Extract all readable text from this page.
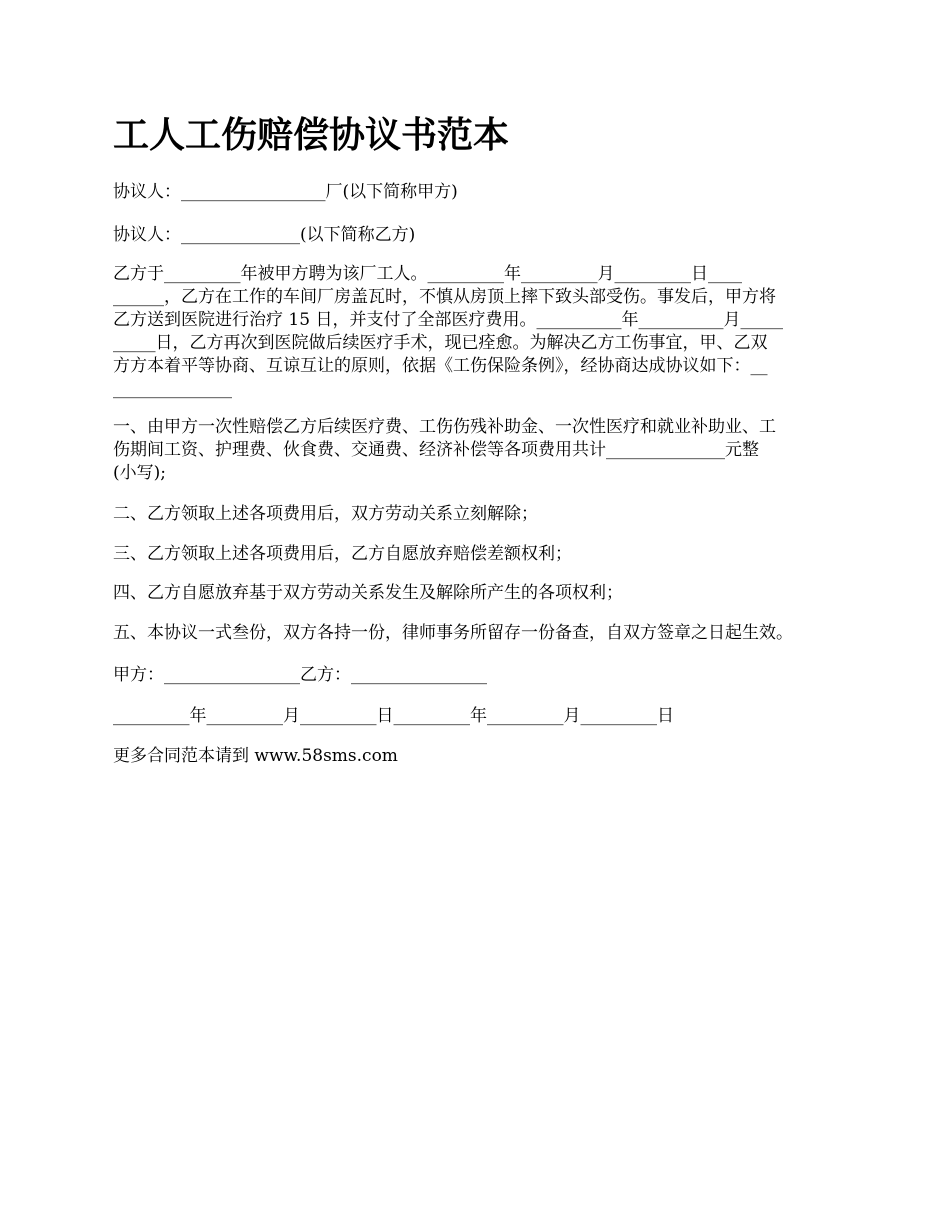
工人工伤赔偿协议书范本

协议人：_________________厂(以下简称甲方)

协议人：______________(以下简称乙方)

乙方于_________年被甲方聘为该厂工人。_________年_________月_________日____

______，乙方在工作的车间厂房盖瓦时，不慎从房顶上摔下致头部受伤。事发后，甲方将

乙方送到医院进行治疗 15 日，并支付了全部医疗费用。__________年__________月_____

_____日，乙方再次到医院做后续医疗手术，现已痊愈。为解决乙方工伤事宜，甲、乙双

方方本着平等协商、互谅互让的原则，依据《工伤保险条例》，经协商达成协议如下：__

______________

一、由甲方一次性赔偿乙方后续医疗费、工伤伤残补助金、一次性医疗和就业补助业、工

伤期间工资、护理费、伙食费、交通费、经济补偿等各项费用共计______________元整

(小写);

二、乙方领取上述各项费用后，双方劳动关系立刻解除；

三、乙方领取上述各项费用后，乙方自愿放弃赔偿差额权利；

四、乙方自愿放弃基于双方劳动关系发生及解除所产生的各项权利；

五、本协议一式叁份，双方各持一份，律师事务所留存一份备查，自双方签章之日起生效。

甲方：________________乙方：________________

_________年_________月_________日_________年_________月_________日

更多合同范本请到 www.58sms.com
